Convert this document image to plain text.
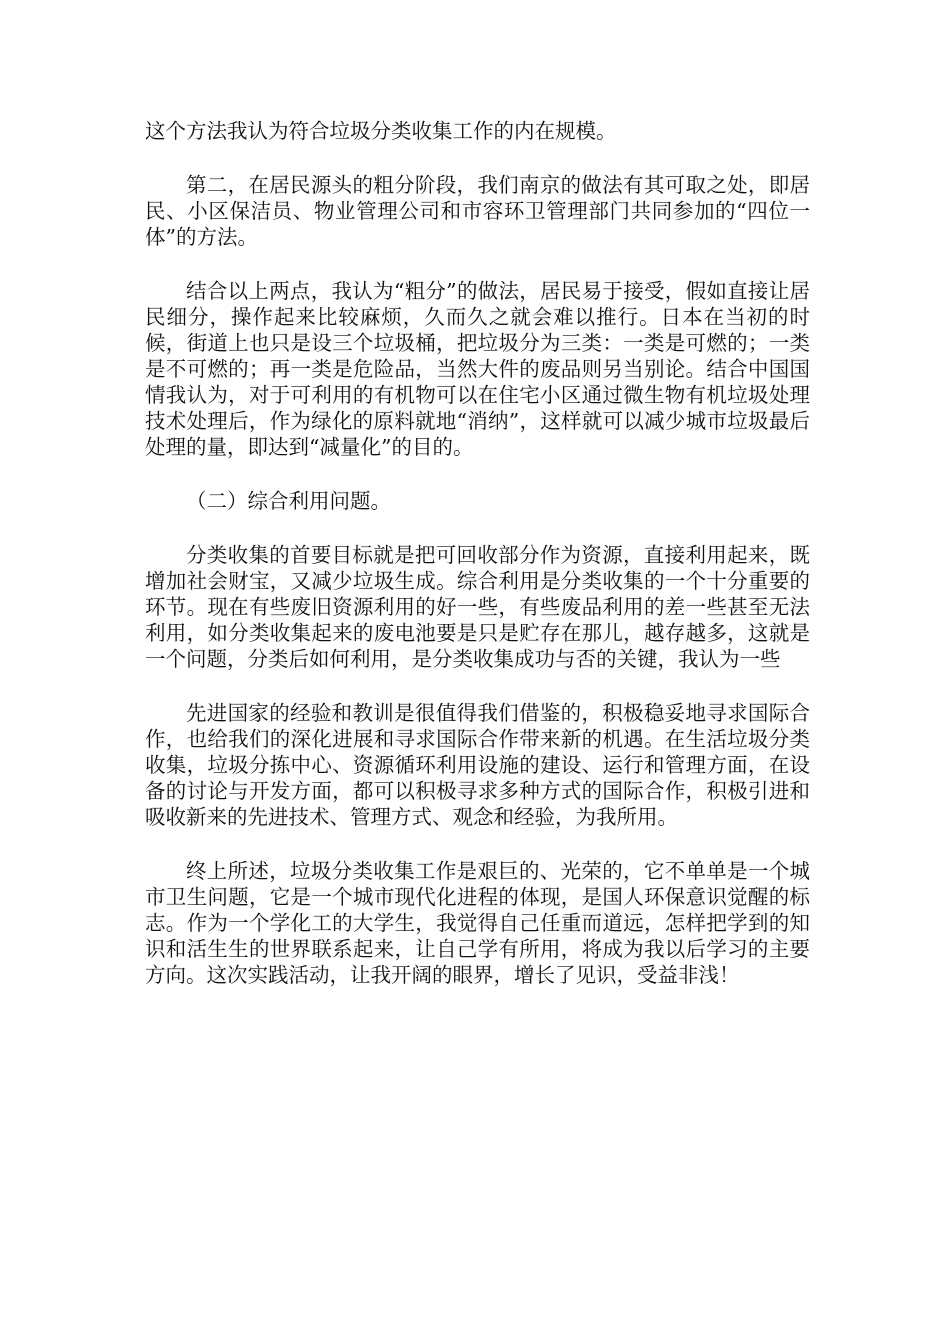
这个方法我认为符合垃圾分类收集工作的内在规模。

第二，在居民源头的粗分阶段，我们南京的做法有其可取之处，即居民、小区保洁员、物业管理公司和市容环卫管理部门共同参加的“四位一体”的方法。

结合以上两点，我认为“粗分”的做法，居民易于接受，假如直接让居民细分，操作起来比较麻烦，久而久之就会难以推行。日本在当初的时候，街道上也只是设三个垃圾桶，把垃圾分为三类：一类是可燃的；一类是不可燃的；再一类是危险品，当然大件的废品则另当别论。结合中国国情我认为，对于可利用的有机物可以在住宅小区通过微生物有机垃圾处理技术处理后，作为绿化的原料就地“消纳”，这样就可以减少城市垃圾最后处理的量，即达到“减量化”的目的。

（二）综合利用问题。

分类收集的首要目标就是把可回收部分作为资源，直接利用起来，既增加社会财宝，又减少垃圾生成。综合利用是分类收集的一个十分重要的环节。现在有些废旧资源利用的好一些，有些废品利用的差一些甚至无法利用，如分类收集起来的废电池要是只是贮存在那儿，越存越多，这就是一个问题，分类后如何利用，是分类收集成功与否的关键，我认为一些

先进国家的经验和教训是很值得我们借鉴的，积极稳妥地寻求国际合作，也给我们的深化进展和寻求国际合作带来新的机遇。在生活垃圾分类收集，垃圾分拣中心、资源循环利用设施的建设、运行和管理方面，在设备的讨论与开发方面，都可以积极寻求多种方式的国际合作，积极引进和吸收新来的先进技术、管理方式、观念和经验，为我所用。

终上所述，垃圾分类收集工作是艰巨的、光荣的，它不单单是一个城市卫生问题，它是一个城市现代化进程的体现，是国人环保意识觉醒的标志。作为一个学化工的大学生，我觉得自己任重而道远，怎样把学到的知识和活生生的世界联系起来，让自己学有所用，将成为我以后学习的主要方向。这次实践活动，让我开阔的眼界，增长了见识，受益非浅！
